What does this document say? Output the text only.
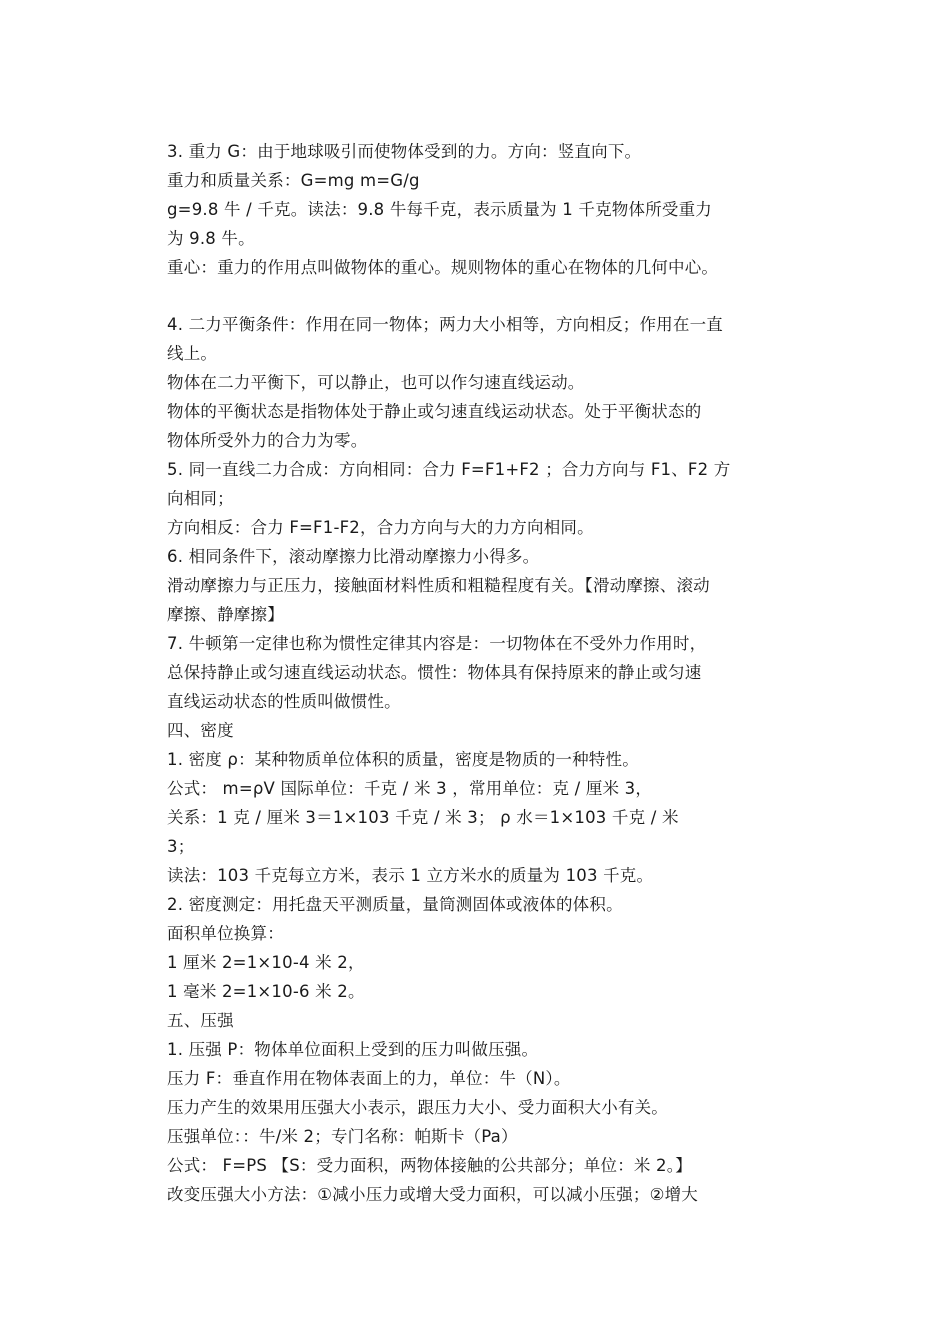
3. 重力 G：由于地球吸引而使物体受到的力。方向：竖直向下。
重力和质量关系：G=mg m=G/g
g=9.8 牛 / 千克。读法：9.8 牛每千克，表示质量为 1 千克物体所受重力
为 9.8 牛。
重心：重力的作用点叫做物体的重心。规则物体的重心在物体的几何中心。
4. 二力平衡条件：作用在同一物体；两力大小相等，方向相反；作用在一直
线上。
物体在二力平衡下，可以静止，也可以作匀速直线运动。
物体的平衡状态是指物体处于静止或匀速直线运动状态。处于平衡状态的
物体所受外力的合力为零。
5. 同一直线二力合成：方向相同：合力 F=F1+F2 ；合力方向与 F1、F2 方
向相同；
方向相反：合力 F=F1-F2，合力方向与大的力方向相同。
6. 相同条件下，滚动摩擦力比滑动摩擦力小得多。
滑动摩擦力与正压力，接触面材料性质和粗糙程度有关。【滑动摩擦、滚动
摩擦、静摩擦】
7. 牛顿第一定律也称为惯性定律其内容是：一切物体在不受外力作用时，
总保持静止或匀速直线运动状态。惯性：物体具有保持原来的静止或匀速
直线运动状态的性质叫做惯性。
四、密度
1. 密度 ρ：某种物质单位体积的质量，密度是物质的一种特性。
公式： m=ρV 国际单位：千克 / 米 3 ，常用单位：克 / 厘米 3，
关系：1 克 / 厘米 3＝1×103 千克 / 米 3； ρ 水＝1×103 千克 / 米
3；
读法：103 千克每立方米，表示 1 立方米水的质量为 103 千克。
2. 密度测定：用托盘天平测质量，量筒测固体或液体的体积。
面积单位换算：
1 厘米 2=1×10-4 米 2，
1 毫米 2=1×10-6 米 2。
五、压强
1. 压强 P：物体单位面积上受到的压力叫做压强。
压力 F：垂直作用在物体表面上的力，单位：牛（N）。
压力产生的效果用压强大小表示，跟压力大小、受力面积大小有关。
压强单位：：牛/米 2；专门名称：帕斯卡（Pa）
公式： F=PS 【S：受力面积，两物体接触的公共部分；单位：米 2。】
改变压强大小方法：①减小压力或增大受力面积，可以减小压强；②增大
